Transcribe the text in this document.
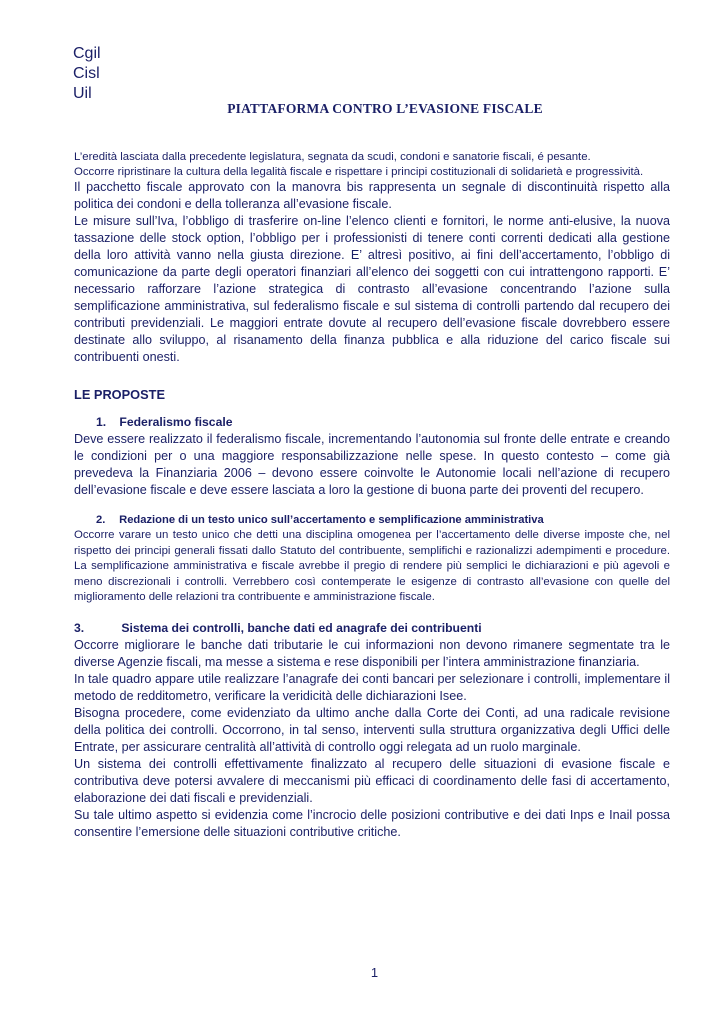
Cgil
Cisl
Uil
PIATTAFORMA CONTRO L’EVASIONE FISCALE

L’eredità lasciata dalla precedente legislatura, segnata da scudi, condoni e sanatorie fiscali, é pesante.

Occorre ripristinare la cultura della legalità fiscale e rispettare i principi costituzionali di solidarietà e progressività.

Il pacchetto fiscale approvato con la manovra bis rappresenta un segnale di discontinuità rispetto alla politica dei condoni e della tolleranza all’evasione fiscale.

Le misure sull’Iva, l’obbligo di trasferire on-line l’elenco clienti e fornitori, le norme anti-elusive, la nuova tassazione delle stock option, l’obbligo per i professionisti di tenere conti correnti dedicati alla gestione della loro attività vanno nella giusta direzione. E’ altresì positivo, ai fini dell’accertamento, l’obbligo di comunicazione da parte degli operatori finanziari all’elenco dei soggetti con cui intrattengono rapporti. E’ necessario rafforzare l’azione strategica di contrasto all’evasione concentrando l’azione sulla semplificazione amministrativa, sul federalismo fiscale e sul sistema di controlli partendo dal recupero dei contributi previdenziali. Le maggiori entrate dovute al recupero dell’evasione fiscale dovrebbero essere destinate allo sviluppo, al risanamento della finanza pubblica e alla riduzione del carico fiscale sui contribuenti onesti.

LE PROPOSTE
1. Federalismo fiscale

Deve essere realizzato il federalismo fiscale, incrementando l’autonomia sul fronte delle entrate e creando le condizioni per o una maggiore responsabilizzazione nelle spese. In questo contesto – come già prevedeva la Finanziaria 2006 – devono essere coinvolte le Autonomie locali nell’azione di recupero dell’evasione fiscale e deve essere lasciata a loro la gestione di buona parte dei proventi del recupero.

2. Redazione di un testo unico sull’accertamento e semplificazione amministrativa

Occorre varare un testo unico che detti una disciplina omogenea per l’accertamento delle diverse imposte che, nel rispetto dei principi generali fissati dallo Statuto del contribuente, semplifichi e razionalizzi adempimenti e procedure. La semplificazione amministrativa e fiscale avrebbe il pregio di rendere più semplici le dichiarazioni e più agevoli e meno discrezionali i controlli. Verrebbero così contemperate le esigenze di contrasto all’evasione con quelle del miglioramento delle relazioni tra contribuente e amministrazione fiscale.

3.	Sistema dei controlli, banche dati ed anagrafe dei contribuenti

Occorre migliorare le banche dati tributarie le cui informazioni non devono rimanere segmentate tra le diverse Agenzie fiscali, ma messe a sistema e rese disponibili per l’intera amministrazione finanziaria.

In tale quadro appare utile realizzare l’anagrafe dei conti bancari per selezionare i controlli, implementare il metodo de redditometro, verificare la veridicità delle dichiarazioni Isee.

Bisogna procedere, come evidenziato da ultimo anche dalla Corte dei Conti, ad una radicale revisione della politica dei controlli. Occorrono, in tal senso, interventi sulla struttura organizzativa degli Uffici delle Entrate, per assicurare centralità all’attività di controllo oggi relegata ad un ruolo marginale.

Un sistema dei controlli effettivamente finalizzato al recupero delle situazioni di evasione fiscale e contributiva deve potersi avvalere di meccanismi più efficaci di coordinamento delle fasi di accertamento, elaborazione dei dati fiscali e previdenziali.

Su tale ultimo aspetto si evidenzia come l’incrocio delle posizioni contributive e dei dati Inps e Inail possa consentire l’emersione delle situazioni contributive critiche.

1
